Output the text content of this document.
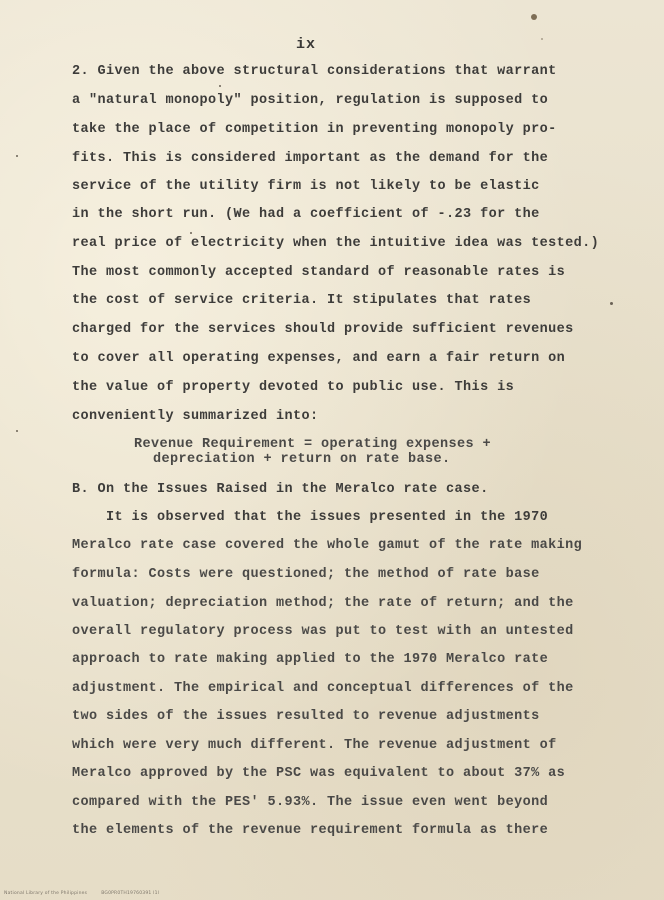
ix
2. Given the above structural considerations that warrant
a "natural monopoly" position, regulation is supposed to
take the place of competition in preventing monopoly pro-
fits. This is considered important as the demand for the
service of the utility firm is not likely to be elastic
in the short run. (We had a coefficient of -.23 for the
real price of electricity when the intuitive idea was tested.)
The most commonly accepted standard of reasonable rates is
the cost of service criteria. It stipulates that rates
charged for the services should provide sufficient revenues
to cover all operating expenses, and earn a fair return on
the value of property devoted to public use. This is
conveniently summarized into:
Revenue Requirement = operating expenses +
depreciation + return on rate base.
B. On the Issues Raised in the Meralco rate case.
It is observed that the issues presented in the 1970
Meralco rate case covered the whole gamut of the rate making
formula: Costs were questioned; the method of rate base
valuation; depreciation method; the rate of return; and the
overall regulatory process was put to test with an untested
approach to rate making applied to the 1970 Meralco rate
adjustment. The empirical and conceptual differences of the
two sides of the issues resulted to revenue adjustments
which were very much different. The revenue adjustment of
Meralco approved by the PSC was equivalent to about 37% as
compared with the PES' 5.93%. The issue even went beyond
the elements of the revenue requirement formula as there
National Library of the Philippines	BG0PR0TH19760391 l1l
